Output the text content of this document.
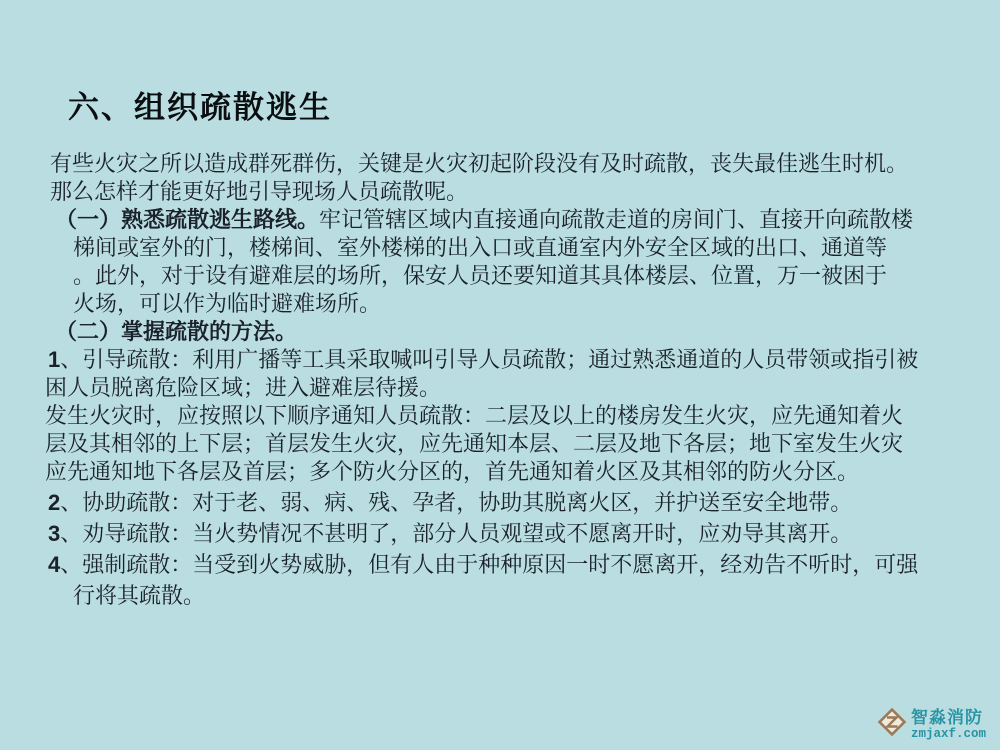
六、组织疏散逃生
有些火灾之所以造成群死群伤，关键是火灾初起阶段没有及时疏散，丧失最佳逃生时机。
那么怎样才能更好地引导现场人员疏散呢。
（一）熟悉疏散逃生路线。牢记管辖区域内直接通向疏散走道的房间门、直接开向疏散楼
梯间或室外的门，楼梯间、室外楼梯的出入口或直通室内外安全区域的出口、通道等
。此外，对于设有避难层的场所，保安人员还要知道其具体楼层、位置，万一被困于
火场，可以作为临时避难场所。
（二）掌握疏散的方法。
1、引导疏散：利用广播等工具采取喊叫引导人员疏散；通过熟悉通道的人员带领或指引被
困人员脱离危险区域；进入避难层待援。
发生火灾时，应按照以下顺序通知人员疏散：二层及以上的楼房发生火灾，应先通知着火
层及其相邻的上下层；首层发生火灾，应先通知本层、二层及地下各层；地下室发生火灾
应先通知地下各层及首层；多个防火分区的，首先通知着火区及其相邻的防火分区。
2、协助疏散：对于老、弱、病、残、孕者，协助其脱离火区，并护送至安全地带。
3、劝导疏散：当火势情况不甚明了，部分人员观望或不愿离开时，应劝导其离开。
4、强制疏散：当受到火势威胁，但有人由于种种原因一时不愿离开，经劝告不听时，可强
行将其疏散。
智淼消防
zmjaxf.com
